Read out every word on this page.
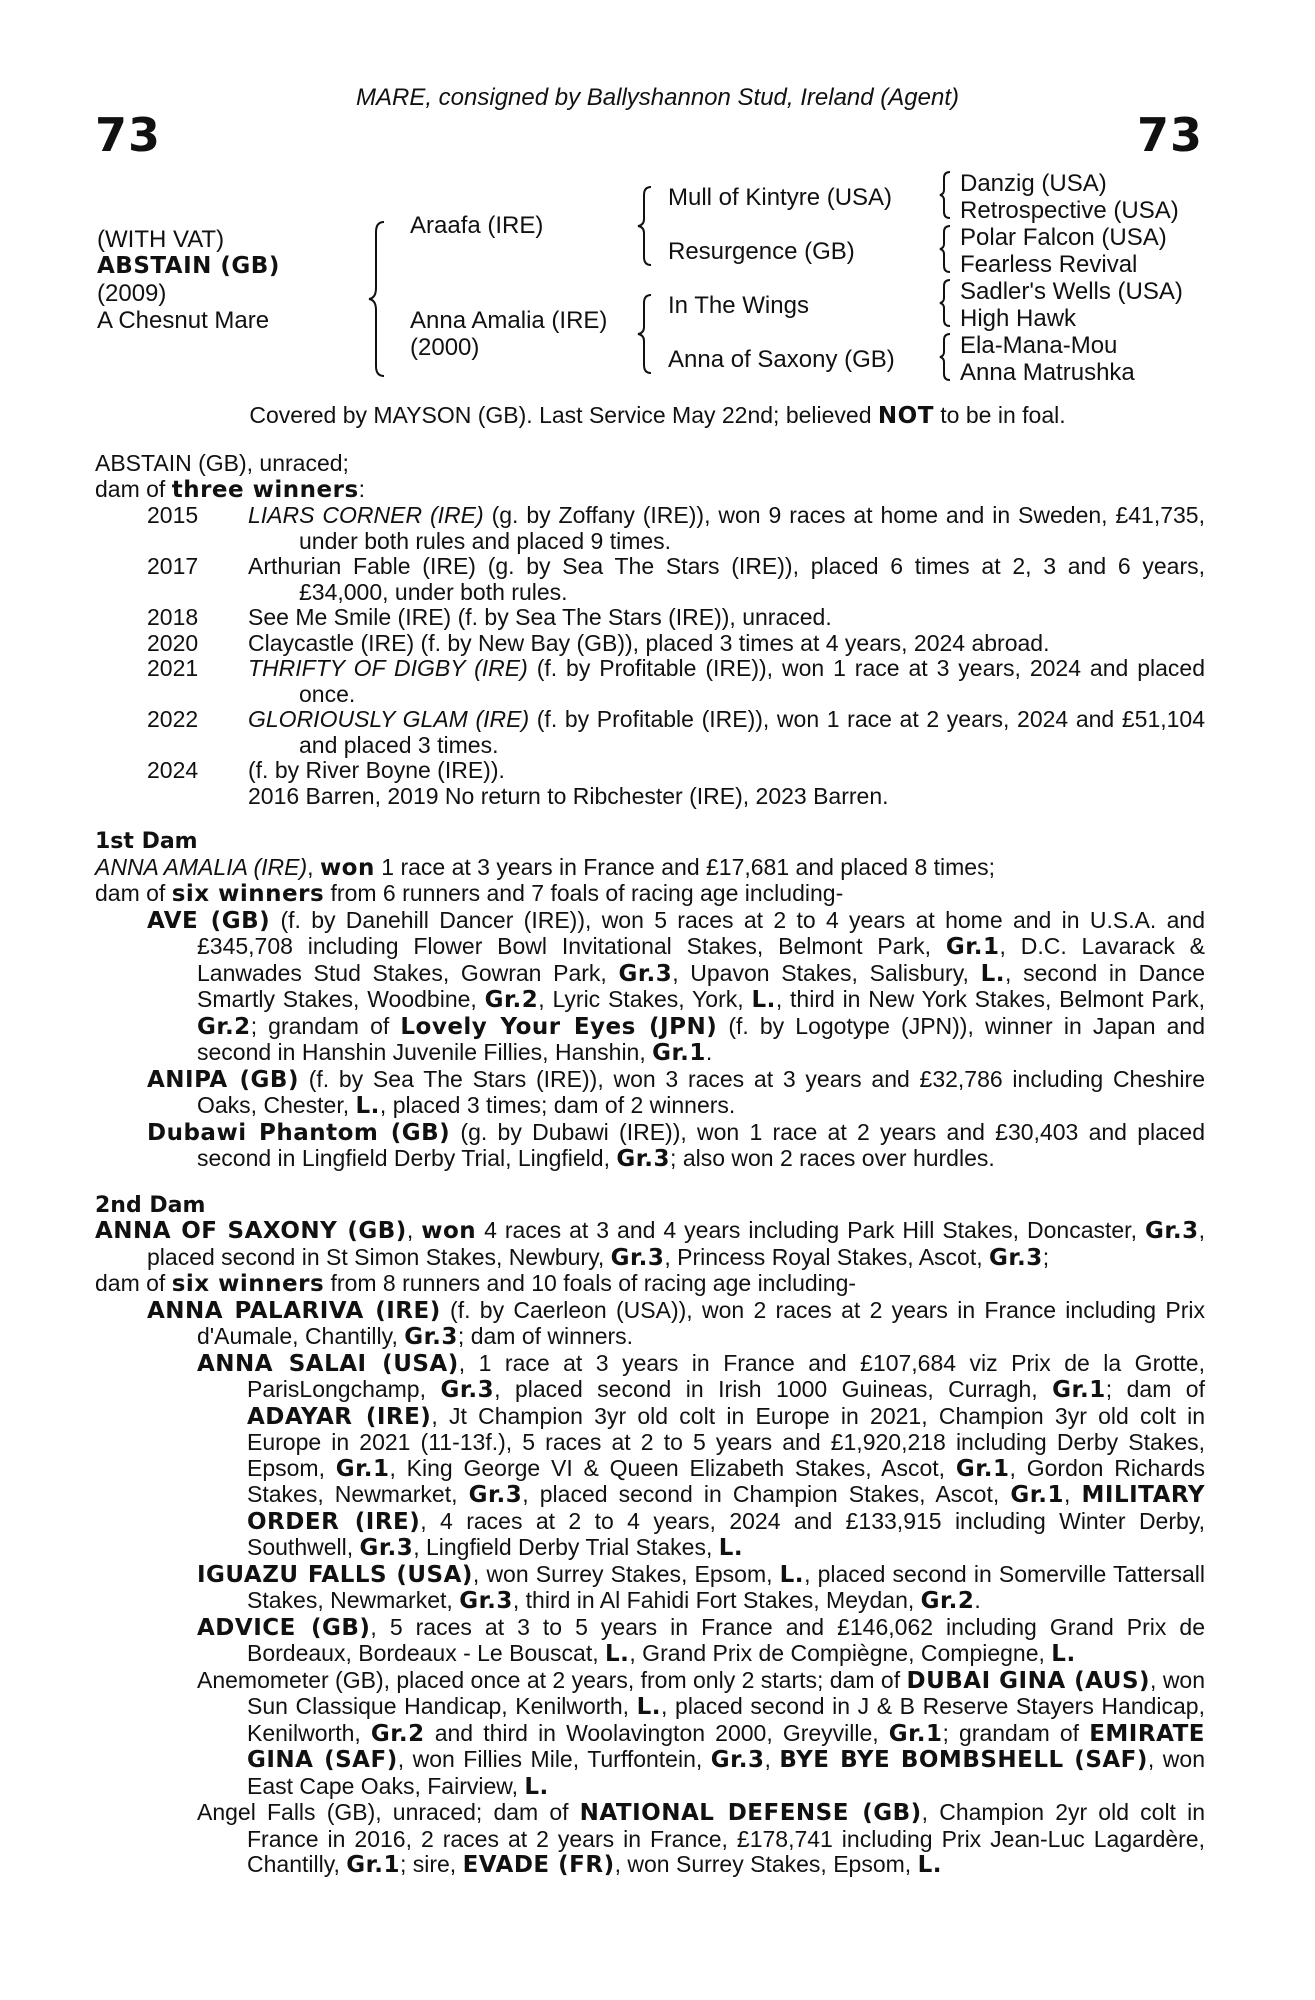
73	73
MARE, consigned by Ballyshannon Stud, Ireland (Agent)
(WITH VAT)
ABSTAIN (GB)
(2009)
A Chesnut Mare
Araafa (IRE)
Anna Amalia (IRE)
(2000)
Mull of Kintyre (USA)
Resurgence (GB)
In The Wings
Anna of Saxony (GB)
Danzig (USA)
Retrospective (USA)
Polar Falcon (USA)
Fearless Revival
Sadler's Wells (USA)
High Hawk
Ela-Mana-Mou
Anna Matrushka
Covered by MAYSON (GB). Last Service May 22nd; believed NOT to be in foal.

ABSTAIN (GB), unraced;

dam of three winners:

2015	LIARS CORNER (IRE) (g. by Zoffany (IRE)), won 9 races at home and in Sweden, £41,735, under both rules and placed 9 times.
2017	Arthurian Fable (IRE) (g. by Sea The Stars (IRE)), placed 6 times at 2, 3 and 6 years, £34,000, under both rules.
2018	See Me Smile (IRE) (f. by Sea The Stars (IRE)), unraced.
2020	Claycastle (IRE) (f. by New Bay (GB)), placed 3 times at 4 years, 2024 abroad.
2021	THRIFTY OF DIGBY (IRE) (f. by Profitable (IRE)), won 1 race at 3 years, 2024 and placed once.
2022	GLORIOUSLY GLAM (IRE) (f. by Profitable (IRE)), won 1 race at 2 years, 2024 and £51,104 and placed 3 times.
2024	(f. by River Boyne (IRE)).

2016 Barren, 2019 No return to Ribchester (IRE), 2023 Barren.

1st Dam

ANNA AMALIA (IRE), won 1 race at 3 years in France and £17,681 and placed 8 times;

dam of six winners from 6 runners and 7 foals of racing age including-

AVE (GB) (f. by Danehill Dancer (IRE)), won 5 races at 2 to 4 years at home and in U.S.A. and £345,708 including Flower Bowl Invitational Stakes, Belmont Park, Gr.1, D.C. Lavarack & Lanwades Stud Stakes, Gowran Park, Gr.3, Upavon Stakes, Salisbury, L., second in Dance Smartly Stakes, Woodbine, Gr.2, Lyric Stakes, York, L., third in New York Stakes, Belmont Park, Gr.2; grandam of Lovely Your Eyes (JPN) (f. by Logotype (JPN)), winner in Japan and second in Hanshin Juvenile Fillies, Hanshin, Gr.1.

ANIPA (GB) (f. by Sea The Stars (IRE)), won 3 races at 3 years and £32,786 including Cheshire Oaks, Chester, L., placed 3 times; dam of 2 winners.

Dubawi Phantom (GB) (g. by Dubawi (IRE)), won 1 race at 2 years and £30,403 and placed second in Lingfield Derby Trial, Lingfield, Gr.3; also won 2 races over hurdles.

2nd Dam

ANNA OF SAXONY (GB), won 4 races at 3 and 4 years including Park Hill Stakes, Doncaster, Gr.3, placed second in St Simon Stakes, Newbury, Gr.3, Princess Royal Stakes, Ascot, Gr.3;

dam of six winners from 8 runners and 10 foals of racing age including-

ANNA PALARIVA (IRE) (f. by Caerleon (USA)), won 2 races at 2 years in France including Prix d'Aumale, Chantilly, Gr.3; dam of winners.

ANNA SALAI (USA), 1 race at 3 years in France and £107,684 viz Prix de la Grotte, ParisLongchamp, Gr.3, placed second in Irish 1000 Guineas, Curragh, Gr.1; dam of ADAYAR (IRE), Jt Champion 3yr old colt in Europe in 2021, Champion 3yr old colt in Europe in 2021 (11-13f.), 5 races at 2 to 5 years and £1,920,218 including Derby Stakes, Epsom, Gr.1, King George VI & Queen Elizabeth Stakes, Ascot, Gr.1, Gordon Richards Stakes, Newmarket, Gr.3, placed second in Champion Stakes, Ascot, Gr.1, MILITARY ORDER (IRE), 4 races at 2 to 4 years, 2024 and £133,915 including Winter Derby, Southwell, Gr.3, Lingfield Derby Trial Stakes, L.

IGUAZU FALLS (USA), won Surrey Stakes, Epsom, L., placed second in Somerville Tattersall Stakes, Newmarket, Gr.3, third in Al Fahidi Fort Stakes, Meydan, Gr.2.

ADVICE (GB), 5 races at 3 to 5 years in France and £146,062 including Grand Prix de Bordeaux, Bordeaux - Le Bouscat, L., Grand Prix de Compiègne, Compiegne, L.

Anemometer (GB), placed once at 2 years, from only 2 starts; dam of DUBAI GINA (AUS), won Sun Classique Handicap, Kenilworth, L., placed second in J & B Reserve Stayers Handicap, Kenilworth, Gr.2 and third in Woolavington 2000, Greyville, Gr.1; grandam of EMIRATE GINA (SAF), won Fillies Mile, Turffontein, Gr.3, BYE BYE BOMBSHELL (SAF), won East Cape Oaks, Fairview, L.

Angel Falls (GB), unraced; dam of NATIONAL DEFENSE (GB), Champion 2yr old colt in France in 2016, 2 races at 2 years in France, £178,741 including Prix Jean-Luc Lagardère, Chantilly, Gr.1; sire, EVADE (FR), won Surrey Stakes, Epsom, L.
